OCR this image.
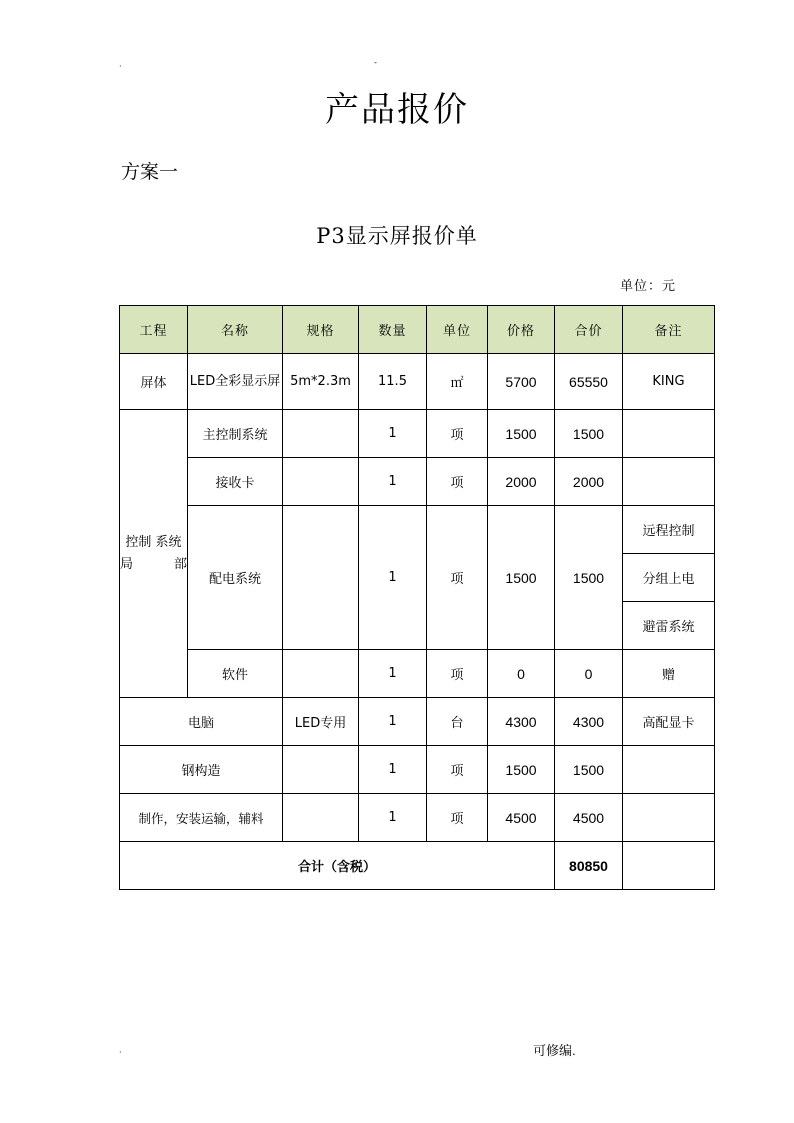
·	-
·
产品报价
方案一
P3显示屏报价单
单位：元
工程	名称	规格	数量	单位	价格	合价	备注
屏体	LED全彩显示屏	5m*2.3m	11.5	㎡	5700	65550	KING
控制 系统 局部	主控制系统		1	项	1500	1500	
	接收卡		1	项	2000	2000	
	配电系统		1	项	1500	1500	远程控制
							分组上电
							避雷系统
	软件		1	项	0	0	赠
电脑		LED专用	1	台	4300	4300	高配显卡
钢构造			1	项	1500	1500	
制作，安装运输，辅料			1	项	4500	4500	
合计（含税）						80850	
可修编.
